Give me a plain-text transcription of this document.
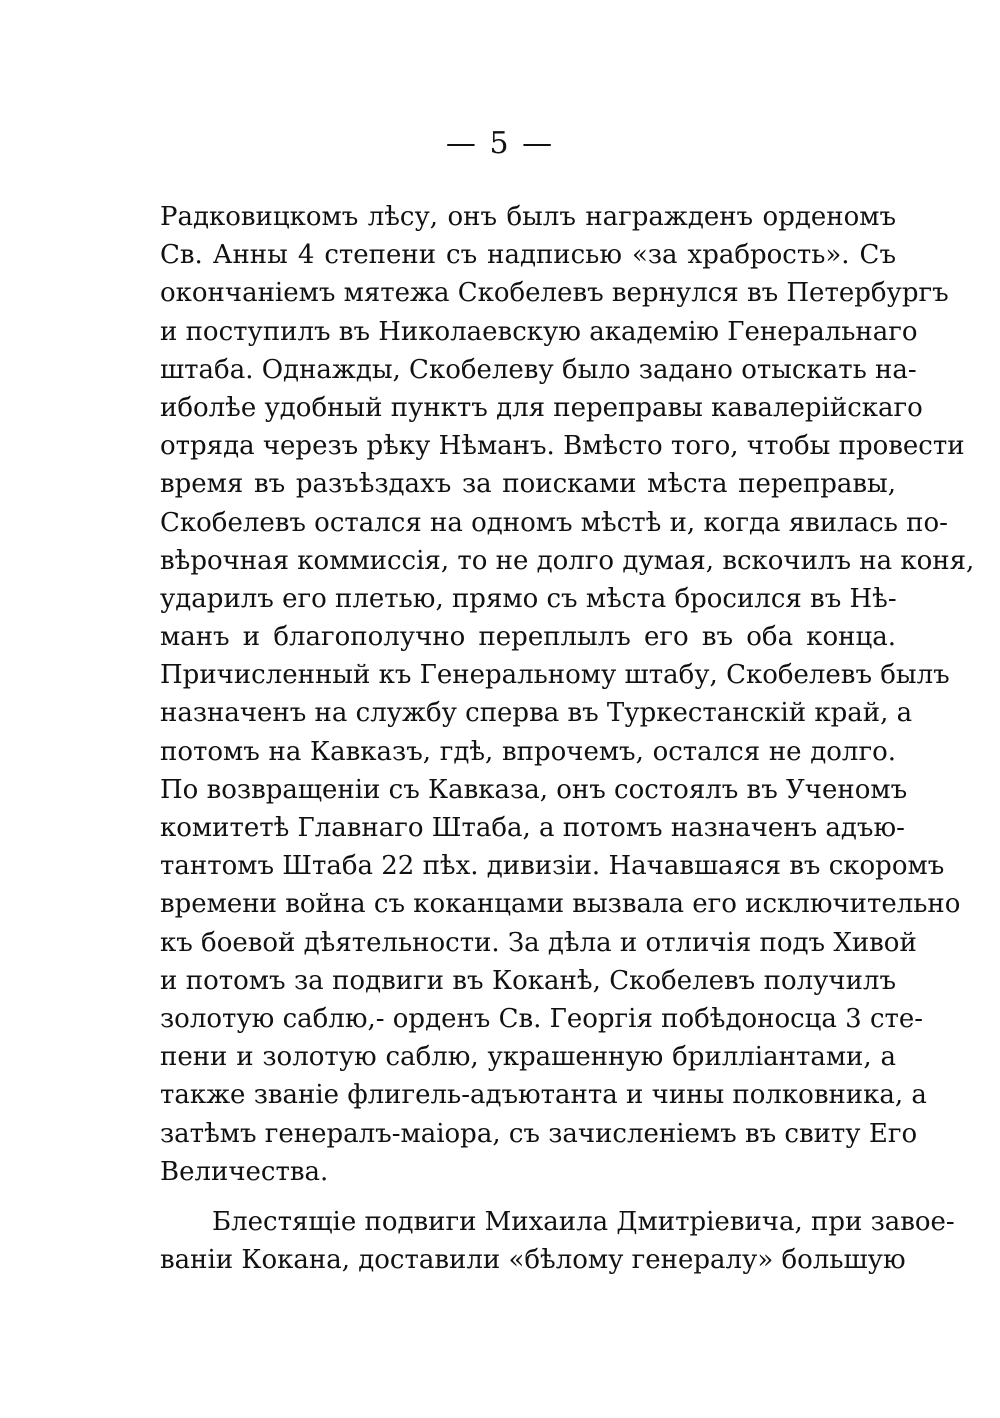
— 5 —
Радковицкомъ лѣсу, онъ былъ награжденъ орденомъ
Св. Анны 4 степени съ надписью «за храбрость». Съ
окончаніемъ мятежа Скобелевъ вернулся въ Петербургъ
и поступилъ въ Николаевскую академію Генеральнаго
штаба. Однажды, Скобелеву было задано отыскать на-
иболѣе удобный пунктъ для переправы кавалерійскаго
отряда черезъ рѣку Нѣманъ. Вмѣсто того, чтобы провести
время въ разъѣздахъ за поисками мѣста переправы,
Скобелевъ остался на одномъ мѣстѣ и, когда явилась по-
вѣрочная коммиссія, то не долго думая, вскочилъ на коня,
ударилъ его плетью, прямо съ мѣста бросился въ Нѣ-
манъ и благополучно переплылъ его въ оба конца.
Причисленный къ Генеральному штабу, Скобелевъ былъ
назначенъ на службу сперва въ Туркестанскій край, а
потомъ на Кавказъ, гдѣ, впрочемъ, остался не долго.
По возвращеніи съ Кавказа, онъ состоялъ въ Ученомъ
комитетѣ Главнаго Штаба, а потомъ назначенъ адъю-
тантомъ Штаба 22 пѣх. дивизіи. Начавшаяся въ скоромъ
времени война съ коканцами вызвала его исключительно
къ боевой дѣятельности. За дѣла и отличія подъ Хивой
и потомъ за подвиги въ Коканѣ, Скобелевъ получилъ
золотую саблю,- орденъ Св. Георгія побѣдоносца 3 сте-
пени и золотую саблю, украшенную бриллiантами, а
также званіе флигель-адъютанта и чины полковника, а
затѣмъ генералъ-маіора, съ зачисленіемъ въ свиту Его
Величества.
Блестящіе подвиги Михаила Дмитріевича, при завое-
ваніи Кокана, доставили «бѣлому генералу» большую
